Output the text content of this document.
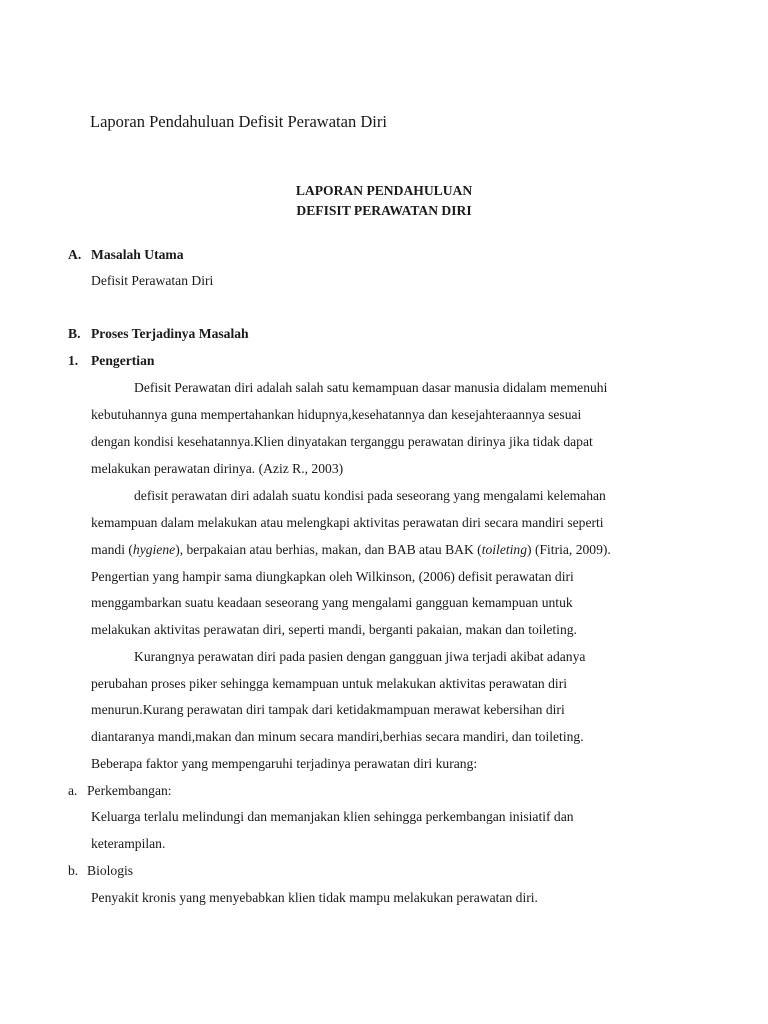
Laporan Pendahuluan Defisit Perawatan Diri
LAPORAN PENDAHULUAN
DEFISIT PERAWATAN DIRI
A. Masalah Utama
Defisit Perawatan Diri
B. Proses Terjadinya Masalah
1. Pengertian
Defisit Perawatan diri adalah salah satu kemampuan dasar manusia didalam memenuhi
kebutuhannya guna mempertahankan hidupnya,kesehatannya dan kesejahteraannya sesuai
dengan kondisi kesehatannya.Klien dinyatakan terganggu perawatan dirinya jika tidak dapat
melakukan perawatan dirinya. (Aziz R., 2003)
defisit perawatan diri adalah suatu kondisi pada seseorang yang mengalami kelemahan
kemampuan dalam melakukan atau melengkapi aktivitas perawatan diri secara mandiri seperti
mandi (hygiene), berpakaian atau berhias, makan, dan BAB atau BAK (toileting) (Fitria, 2009).
Pengertian yang hampir sama diungkapkan oleh Wilkinson, (2006) defisit perawatan diri
menggambarkan suatu keadaan seseorang yang mengalami gangguan kemampuan untuk
melakukan aktivitas perawatan diri, seperti mandi, berganti pakaian, makan dan toileting.
Kurangnya perawatan diri pada pasien dengan gangguan jiwa terjadi akibat adanya
perubahan proses piker sehingga kemampuan untuk melakukan aktivitas perawatan diri
menurun.Kurang perawatan diri tampak dari ketidakmampuan merawat kebersihan diri
diantaranya mandi,makan dan minum secara mandiri,berhias secara mandiri, dan toileting.
Beberapa faktor yang mempengaruhi terjadinya perawatan diri kurang:
a. Perkembangan:
Keluarga terlalu melindungi dan memanjakan klien sehingga perkembangan inisiatif dan
keterampilan.
b. Biologis
Penyakit kronis yang menyebabkan klien tidak mampu melakukan perawatan diri.
